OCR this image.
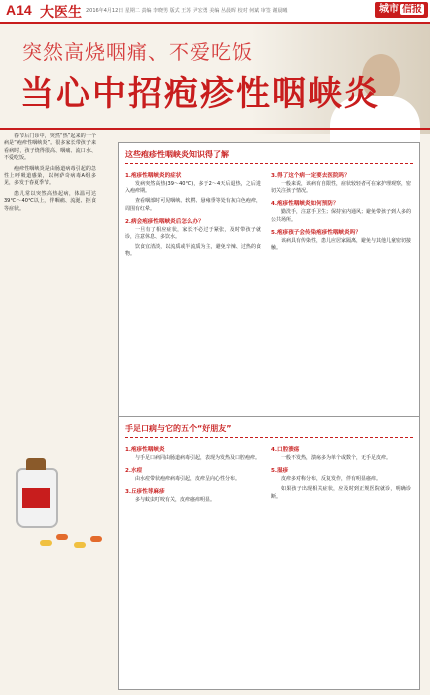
A14 大医生 2016年4月12日 星期二 责编 李晓男 版式 王苏 尹宏勇 美编 丛晨晖 校对 何斌 审签 谢晨曦	城市 信报
突然高烧咽痛、不爱吃饭
当心中招疱疹性咽峡炎

春节后门诊中，突然“热”起来的一个病是“疱疹性咽峡炎”。很多家长带孩子来看病时，孩子烧得很高、咽痛、流口水、不爱吃饭。

疱疹性咽峡炎是由肠道病毒引起的急性上呼吸道感染，以柯萨奇病毒A组多见，多发于春夏季节。

患儿常以突然高热起病，体温可达39℃～40℃以上，伴咽痛、流涎、拒食等症状。

这些疱疹性咽峡炎知识得了解
1.疱疹性咽峡炎的症状

发病突然高热(39～40℃)，多于2～4天后退热，之后进入疱疹期。

查看咽部时可见咽峡、软腭、悬雍垂等处有灰白色疱疹，周围有红晕。

2.病会疱疹性咽峡炎后怎么办？

一旦有了相应症状，家长不必过于紧张，及时带孩子就诊，注意休息、多饮水。

饮食宜清淡，以流质或半流质为主，避免辛辣、过热的食物。

3.得了这个病一定要去医院吗？

一般来说，该病有自限性，症状较轻者可在家护理观察，密切关注孩子情况。

4.疱疹性咽峡炎如何预防？

勤洗手，注意手卫生；保持室内通风；避免带孩子到人多的公共场所。

5.疱疹孩子会传染疱疹性咽峡炎吗？

该病具有传染性，患儿应居家隔离，避免与其他儿童密切接触。

手足口病与它的五个“好朋友”
1.疱疹性咽峡炎

与手足口病同由肠道病毒引起，表现为发热及口腔疱疹。

2.水痘

由水痘带状疱疹病毒引起，皮疹呈向心性分布。

3.丘疹性荨麻疹

多与蚊虫叮咬有关，皮疹瘙痒明显。

4.口腔溃疡

一般不发热，溃疡多为单个或数个，无手足皮疹。

5.湿疹

皮疹多对称分布，反复发作，伴有明显瘙痒。

如果孩子出现相关症状，应及时到正规医院就诊，明确诊断。
